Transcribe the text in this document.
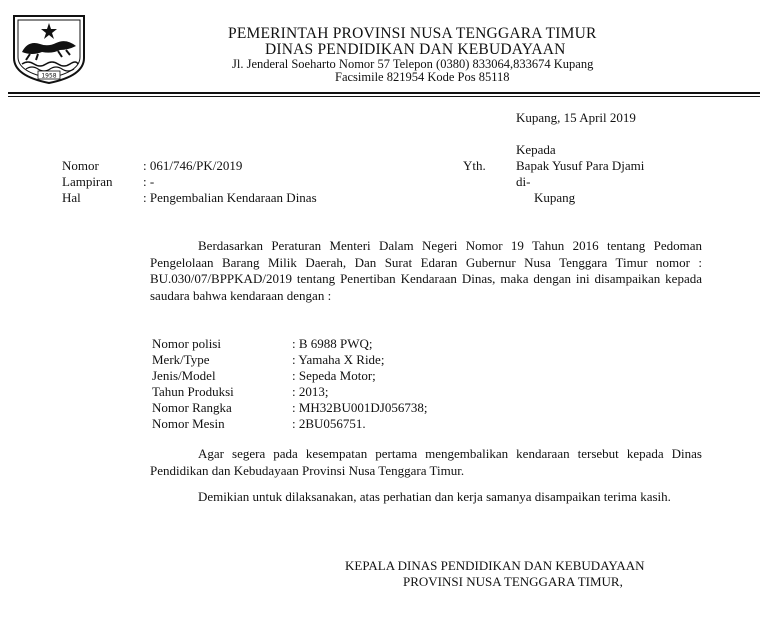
1958
PEMERINTAH PROVINSI NUSA TENGGARA TIMUR
DINAS PENDIDIKAN DAN KEBUDAYAAN
Jl. Jenderal Soeharto Nomor 57 Telepon (0380) 833064,833674 Kupang
Facsimile 821954 Kode Pos 85118
Kupang, 15 April 2019
Kepada
Yth. Bapak Yusuf Para Djami
di-
Kupang
Nomor	: 061/746/PK/2019
Lampiran : -
Hal	: Pengembalian Kendaraan Dinas

Berdasarkan Peraturan Menteri Dalam Negeri Nomor 19 Tahun 2016 tentang Pedoman Pengelolaan Barang Milik Daerah, Dan Surat Edaran Gubernur Nusa Tenggara Timur nomor : BU.030/07/BPPKAD/2019 tentang Penertiban Kendaraan Dinas, maka dengan ini disampaikan kepada saudara bahwa kendaraan dengan :

Nomor polisi	: B 6988 PWQ;
Merk/Type	: Yamaha X Ride;
Jenis/Model	: Sepeda Motor;
Tahun Produksi	: 2013;
Nomor Rangka	: MH32BU001DJ056738;
Nomor Mesin	: 2BU056751.

Agar segera pada kesempatan pertama mengembalikan kendaraan tersebut kepada Dinas Pendidikan dan Kebudayaan Provinsi Nusa Tenggara Timur.

Demikian untuk dilaksanakan, atas perhatian dan kerja samanya disampaikan terima kasih.

KEPALA DINAS PENDIDIKAN DAN KEBUDAYAAN
PROVINSI NUSA TENGGARA TIMUR,
